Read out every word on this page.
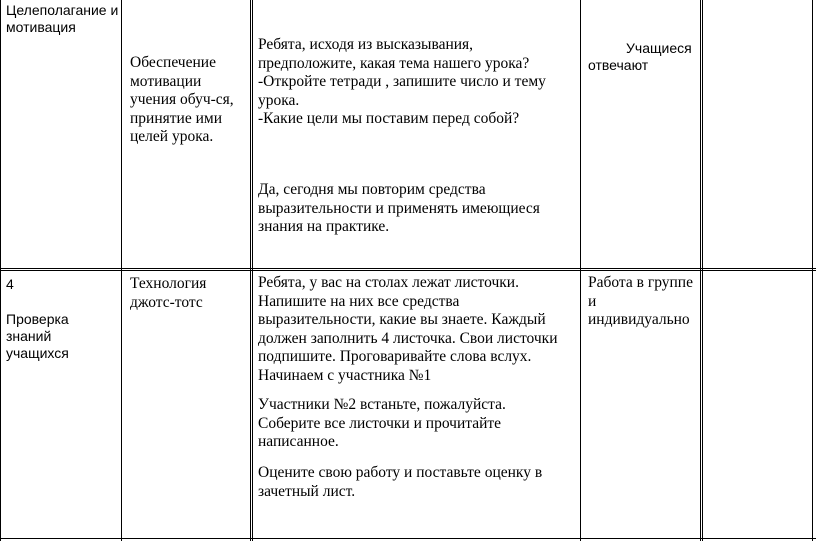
Целеполагание и
мотивация
Обеспечение
мотивации
учения обуч-ся,
принятие ими
целей урока.
Ребята, исходя из высказывания,
предположите, какая тема нашего урока?
-Откройте тетради , запишите число и тему
урока.
-Какие цели мы поставим перед собой?
Да, сегодня мы повторим средства
выразительности и применять имеющиеся
знания на практике.
Учащиеся
отвечают
4
Проверка
знаний
учащихся
Технология
джотс-тотс
Ребята, у вас на столах лежат листочки.
Напишите на них все средства
выразительности, какие вы знаете. Каждый
должен заполнить 4 листочка. Свои листочки
подпишите. Проговаривайте слова вслух.
Начинаем с участника №1
Участники №2 встаньте, пожалуйста.
Соберите все листочки и прочитайте
написанное.
Оцените свою работу и поставьте оценку в
зачетный лист.
Работа в группе
и
индивидуально
